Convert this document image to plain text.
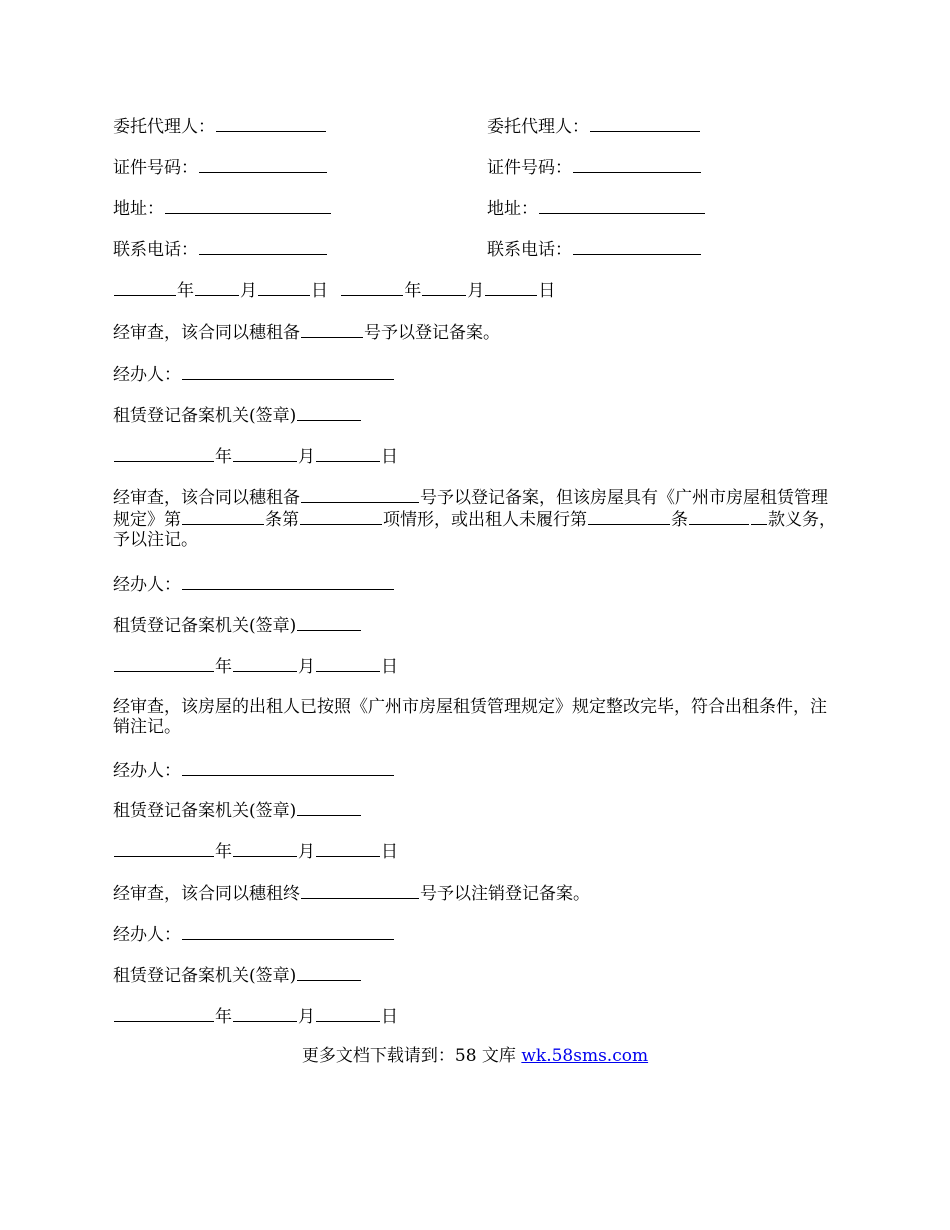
委托代理人：	委托代理人：
证件号码：	证件号码：
地址：	地址：
联系电话：	联系电话：
年	月	日	年	月	日
经审查，该合同以穗租备	号予以登记备案。
经办人：
租赁登记备案机关(签章)
年	月	日
经审查，该合同以穗租备	号予以登记备案，但该房屋具有《广州市房屋租赁管理规定》第	条第	项情形，或出租人未履行第	条	款义务，予以注记。
经办人：
租赁登记备案机关(签章)
年	月	日
经审查，该房屋的出租人已按照《广州市房屋租赁管理规定》规定整改完毕，符合出租条件，注销注记。
经办人：
租赁登记备案机关(签章)
年	月	日
经审查，该合同以穗租终	号予以注销登记备案。
经办人：
租赁登记备案机关(签章)
年	月	日
更多文档下载请到：58 文库 wk.58sms.com
